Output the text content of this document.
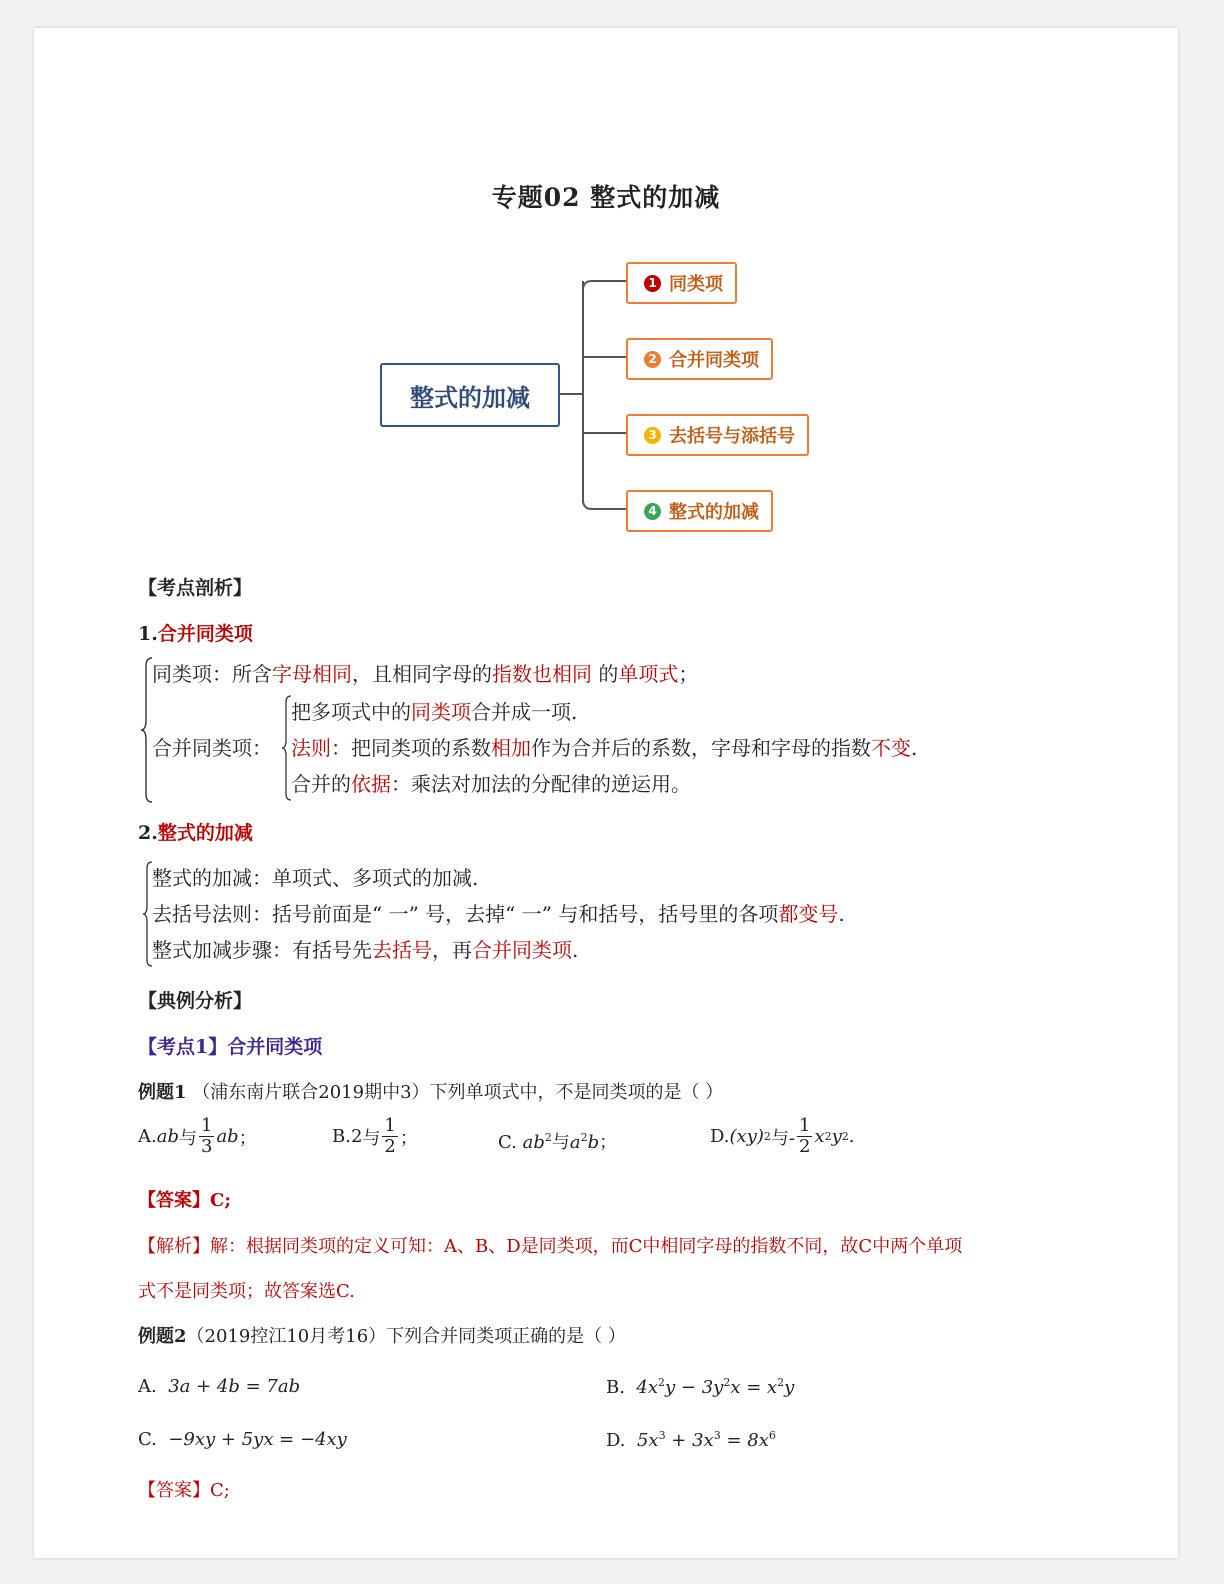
专题02 整式的加减
整式的加减
1 同类项
2 合并同类项
3 去括号与添括号
4 整式的加减
【考点剖析】
1.合并同类项
同类项：所含字母相同，且相同字母的指数也相同 的单项式；
合并同类项：
把多项式中的同类项合并成一项.
法则：把同类项的系数相加作为合并后的系数，字母和字母的指数不变.
合并的依据：乘法对加法的分配律的逆运用。
2.整式的加减
整式的加减：单项式、多项式的加减.
去括号法则：括号前面是“ 一” 号，去掉“ 一” 与和括号，括号里的各项都变号.
整式加减步骤：有括号先去括号，再合并同类项.
【典例分析】
【考点1】合并同类项
例题1 （浦东南片联合2019期中3）下列单项式中，不是同类项的是（ ）
A. ab 与 $\frac{1}{3}$ ab ；	B. 2 与 $\frac{1}{2}$ ；	C. $ab^2$与$a^2b$；	D. (xy) 2 与- $\frac{1}{2}$ x 2 y 2 .
【答案】C;
【解析】解：根据同类项的定义可知：A、B、D是同类项，而C中相同字母的指数不同，故C中两个单项
式不是同类项；故答案选C.
例题2（2019控江10月考16）下列合并同类项正确的是（ ）
A. 3a + 4b = 7ab	B. $4x^2y - 3y^2x = x^2y$
C. −9xy + 5yx = −4xy	D. $5x^3 + 3x^3 = 8x^6$
【答案】C;
